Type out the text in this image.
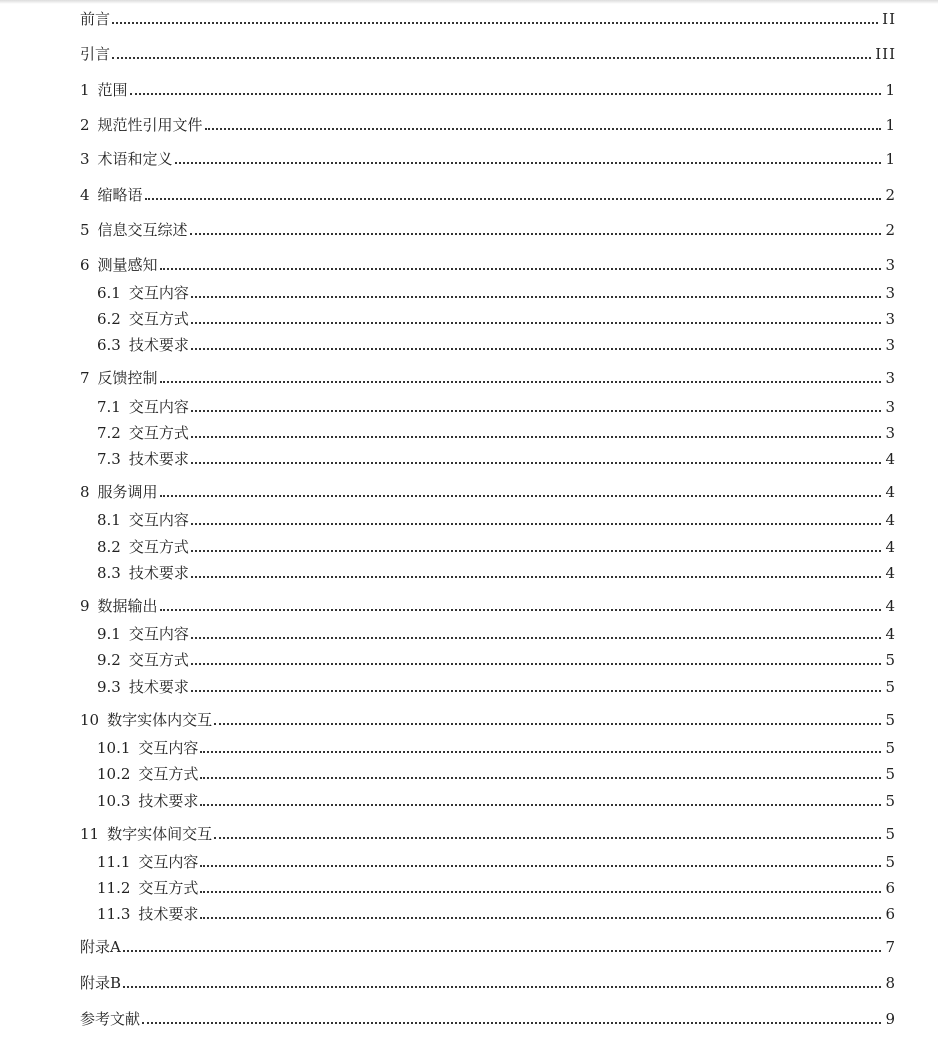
前言	II
引言	III
1 范围	1
2 规范性引用文件	1
3 术语和定义	1
4 缩略语	2
5 信息交互综述	2
6 测量感知	3
6.1 交互内容	3
6.2 交互方式	3
6.3 技术要求	3
7 反馈控制	3
7.1 交互内容	3
7.2 交互方式	3
7.3 技术要求	4
8 服务调用	4
8.1 交互内容	4
8.2 交互方式	4
8.3 技术要求	4
9 数据输出	4
9.1 交互内容	4
9.2 交互方式	5
9.3 技术要求	5
10 数字实体内交互	5
10.1 交互内容	5
10.2 交互方式	5
10.3 技术要求	5
11 数字实体间交互	5
11.1 交互内容	5
11.2 交互方式	6
11.3 技术要求	6
附录A	7
附录B	8
参考文献	9
